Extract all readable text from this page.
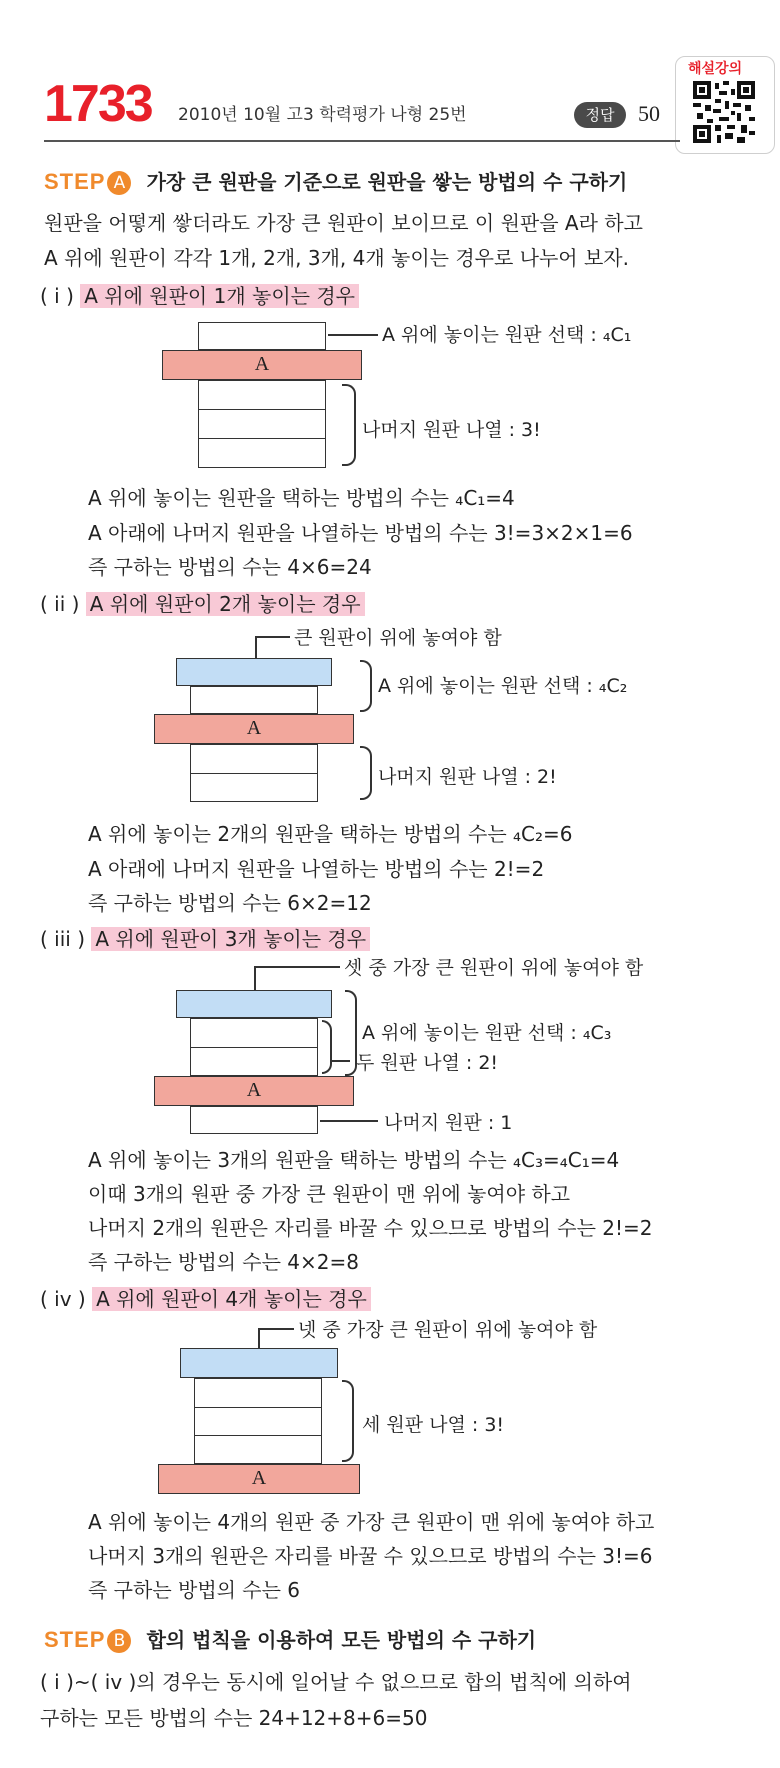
1733 2010년 10월 고3 학력평가 나형 25번	정답	50
해설강의
STEP A 가장 큰 원판을 기준으로 원판을 쌓는 방법의 수 구하기
원판을 어떻게 쌓더라도 가장 큰 원판이 보이므로 이 원판을 A라 하고
A 위에 원판이 각각 1개, 2개, 3개, 4개 놓이는 경우로 나누어 보자.
( i ) A 위에 원판이 1개 놓이는 경우
A
A 위에 놓이는 원판 선택 : ₄C₁
나머지 원판 나열 : 3!
A 위에 놓이는 원판을 택하는 방법의 수는 ₄C₁=4
A 아래에 나머지 원판을 나열하는 방법의 수는 3!=3×2×1=6
즉 구하는 방법의 수는 4×6=24
( ii ) A 위에 원판이 2개 놓이는 경우
큰 원판이 위에 놓여야 함
A
A 위에 놓이는 원판 선택 : ₄C₂
나머지 원판 나열 : 2!
A 위에 놓이는 2개의 원판을 택하는 방법의 수는 ₄C₂=6
A 아래에 나머지 원판을 나열하는 방법의 수는 2!=2
즉 구하는 방법의 수는 6×2=12
( iii ) A 위에 원판이 3개 놓이는 경우
셋 중 가장 큰 원판이 위에 놓여야 함
A
A 위에 놓이는 원판 선택 : ₄C₃
두 원판 나열 : 2!
나머지 원판 : 1
A 위에 놓이는 3개의 원판을 택하는 방법의 수는 ₄C₃=₄C₁=4
이때 3개의 원판 중 가장 큰 원판이 맨 위에 놓여야 하고
나머지 2개의 원판은 자리를 바꿀 수 있으므로 방법의 수는 2!=2
즉 구하는 방법의 수는 4×2=8
( iv ) A 위에 원판이 4개 놓이는 경우
넷 중 가장 큰 원판이 위에 놓여야 함
A
세 원판 나열 : 3!
A 위에 놓이는 4개의 원판 중 가장 큰 원판이 맨 위에 놓여야 하고
나머지 3개의 원판은 자리를 바꿀 수 있으므로 방법의 수는 3!=6
즉 구하는 방법의 수는 6
STEP B 합의 법칙을 이용하여 모든 방법의 수 구하기
( i )~( iv )의 경우는 동시에 일어날 수 없으므로 합의 법칙에 의하여
구하는 모든 방법의 수는 24+12+8+6=50
